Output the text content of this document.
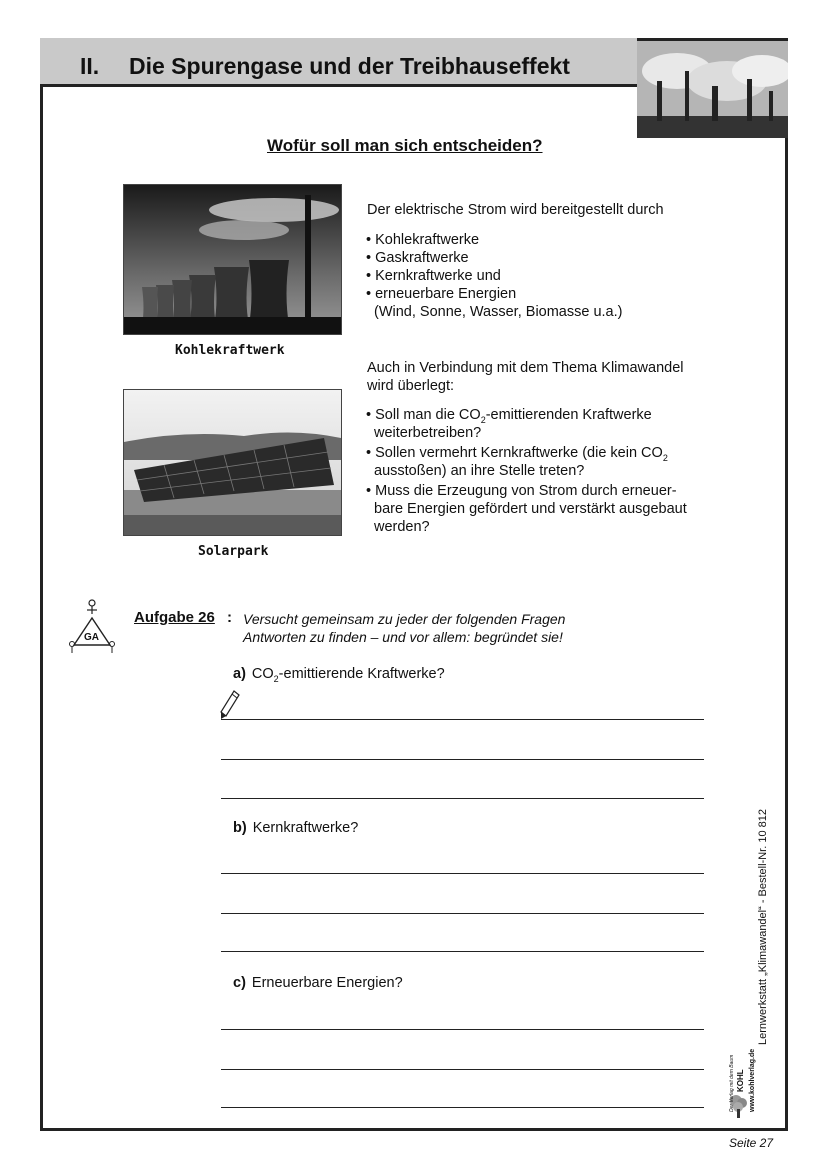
II. Die Spurengase und der Treibhauseffekt
Wofür soll man sich entscheiden?
Kohlekraftwerk
Solarpark
Der elektrische Strom wird bereitgestellt durch
• Kohlekraftwerke
• Gaskraftwerke
• Kernkraftwerke und
• erneuerbare Energien
(Wind, Sonne, Wasser, Biomasse u.a.)
Auch in Verbindung mit dem Thema Klimawandel
wird überlegt:
• Soll man die $CO_2$-emittierenden Kraftwerke
weiterbetreiben?
• Sollen vermehrt Kernkraftwerke (die kein $CO_2$
ausstoßen) an ihre Stelle treten?
• Muss die Erzeugung von Strom durch erneuer-
bare Energien gefördert und verstärkt ausgebaut
werden?
GA
Aufgabe 26 : Versucht gemeinsam zu jeder der folgenden Fragen
Antworten zu finden – und vor allem: begründet sie!
a) $CO_2$-emittierende Kraftwerke?
b) Kernkraftwerke?
c) Erneuerbare Energien?	Lernwerkstatt „Klimawandel“ - Bestell-Nr. 10 812
KOHL www.kohlverlag.de
Der Verlag mit dem Baum
Seite 27
